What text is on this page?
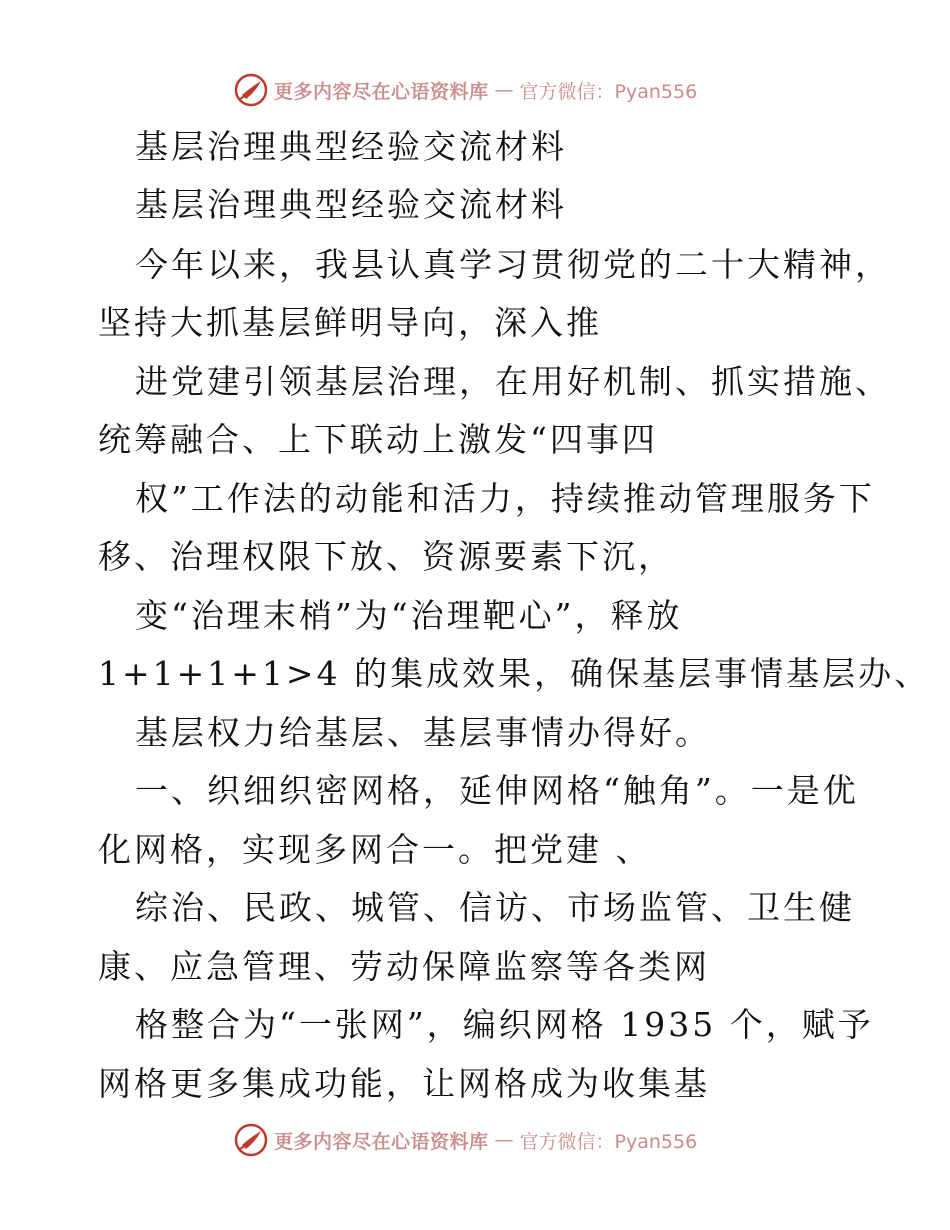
更多内容尽在心语资料库 — 官方微信：Pyan556
基层治理典型经验交流材料
基层治理典型经验交流材料
今年以来，我县认真学习贯彻党的二十大精神，
坚持大抓基层鲜明导向，深入推
进党建引领基层治理，在用好机制、抓实措施、
统筹融合、上下联动上激发“四事四
权”工作法的动能和活力，持续推动管理服务下
移、治理权限下放、资源要素下沉，
变“治理末梢”为“治理靶心”，释放
1+1+1+1>4 的集成效果，确保基层事情基层办、
基层权力给基层、基层事情办得好。
一、织细织密网格，延伸网格“触角”。一是优
化网格，实现多网合一。把党建 、
综治、民政、城管、信访、市场监管、卫生健
康、应急管理、劳动保障监察等各类网
格整合为“一张网”，编织网格 1935 个，赋予
网格更多集成功能，让网格成为收集基
更多内容尽在心语资料库 — 官方微信：Pyan556
